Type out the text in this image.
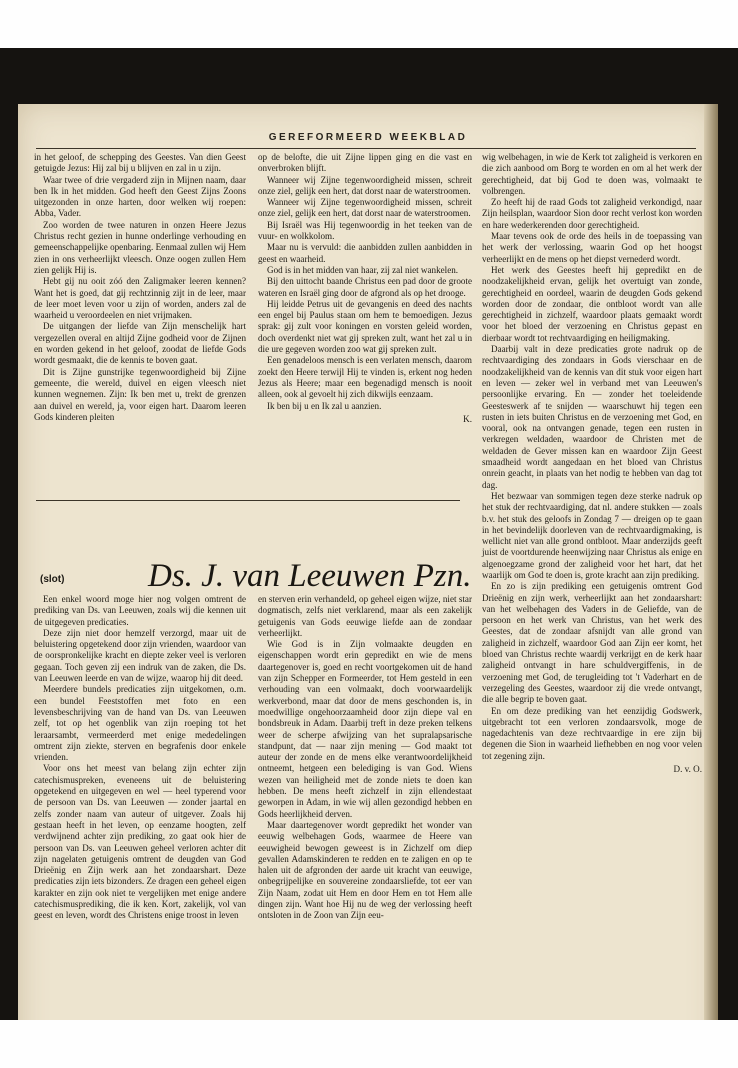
GEREFORMEERD WEEKBLAD

in het geloof, de schepping des Geestes. Van dien Geest getuigde Jezus: Hij zal bij u blijven en zal in u zijn.

Waar twee of drie vergaderd zijn in Mijnen naam, daar ben Ik in het midden. God heeft den Geest Zijns Zoons uitgezonden in onze harten, door welken wij roepen: Abba, Vader.

Zoo worden de twee naturen in onzen Heere Jezus Christus recht gezien in hunne onderlinge verhouding en gemeenschappelijke openbaring. Eenmaal zullen wij Hem zien in ons verheerlijkt vleesch. Onze oogen zullen Hem zien gelijk Hij is.

Hebt gij nu ooit zóó den Zaligmaker leeren kennen? Want het is goed, dat gij rechtzinnig zijt in de leer, maar de leer moet leven voor u zijn of worden, anders zal de waarheid u veroordeelen en niet vrijmaken.

De uitgangen der liefde van Zijn menschelijk hart vergezellen overal en altijd Zijne godheid voor de Zijnen en worden gekend in het geloof, zoodat de liefde Gods wordt gesmaakt, die de kennis te boven gaat.

Dit is Zijne gunstrijke tegenwoordigheid bij Zijne gemeente, die wereld, duivel en eigen vleesch niet kunnen wegnemen. Zijn: Ik ben met u, trekt de grenzen aan duivel en wereld, ja, voor eigen hart. Daarom leeren Gods kinderen pleiten

op de belofte, die uit Zijne lippen ging en die vast en onverbroken blijft.

Wanneer wij Zijne tegenwoordigheid missen, schreit onze ziel, gelijk een hert, dat dorst naar de waterstroomen.

Wanneer wij Zijne tegenwoordigheid missen, schreit onze ziel, gelijk een hert, dat dorst naar de waterstroomen.

Bij Israël was Hij tegenwoordig in het teeken van de vuur- en wolkkolom.

Maar nu is vervuld: die aanbidden zullen aanbidden in geest en waarheid.

God is in het midden van haar, zij zal niet wankelen.

Bij den uittocht baande Christus een pad door de groote wateren en Israël ging door de afgrond als op het drooge.

Hij leidde Petrus uit de gevangenis en deed des nachts een engel bij Paulus staan om hem te bemoedigen. Jezus sprak: gij zult voor koningen en vorsten geleid worden, doch overdenkt niet wat gij spreken zult, want het zal u in die ure gegeven worden zoo wat gij spreken zult.

Een genadeloos mensch is een verlaten mensch, daarom zoekt den Heere terwijl Hij te vinden is, erkent nog heden Jezus als Heere; maar een begenadigd mensch is nooit alleen, ook al gevoelt hij zich dikwijls eenzaam.

Ik ben bij u en Ik zal u aanzien.

K.

wig welbehagen, in wie de Kerk tot zaligheid is verkoren en die zich aanbood om Borg te worden en om al het werk der gerechtigheid, dat bij God te doen was, volmaakt te volbrengen.

Zo heeft hij de raad Gods tot zaligheid verkondigd, naar Zijn heilsplan, waardoor Sion door recht verlost kon worden en hare wederkerenden door gerechtigheid.

Maar tevens ook de orde des heils in de toepassing van het werk der verlossing, waarin God op het hoogst verheerlijkt en de mens op het diepst vernederd wordt.

Het werk des Geestes heeft hij gepredikt en de noodzakelijkheid ervan, gelijk het overtuigt van zonde, gerechtigheid en oordeel, waarin de deugden Gods gekend worden door de zondaar, die ontbloot wordt van alle gerechtigheid in zichzelf, waardoor plaats gemaakt wordt voor het bloed der verzoening en Christus gepast en dierbaar wordt tot rechtvaardiging en heiligmaking.

Daarbij valt in deze predicaties grote nadruk op de rechtvaardiging des zondaars in Gods vierschaar en de noodzakelijkheid van de kennis van dit stuk voor eigen hart en leven — zeker wel in verband met van Leeuwen's persoonlijke ervaring. En — zonder het toeleidende Geesteswerk af te snijden — waarschuwt hij tegen een rusten in iets buiten Christus en de verzoening met God, en vooral, ook na ontvangen genade, tegen een rusten in verkregen weldaden, waardoor de Christen met de weldaden de Gever missen kan en waardoor Zijn Geest smaadheid wordt aangedaan en het bloed van Christus onrein geacht, in plaats van het nodig te hebben van dag tot dag.

Het bezwaar van sommigen tegen deze sterke nadruk op het stuk der rechtvaardiging, dat nl. andere stukken — zoals b.v. het stuk des geloofs in Zondag 7 — dreigen op te gaan in het bevindelijk doorleven van de rechtvaardigmaking, is wellicht niet van alle grond ontbloot. Maar anderzijds geeft juist de voortdurende heenwijzing naar Christus als enige en algenoegzame grond der zaligheid voor het hart, dat het waarlijk om God te doen is, grote kracht aan zijn prediking.

En zo is zijn prediking een getuigenis omtrent God Drieënig en zijn werk, verheerlijkt aan het zondaarshart: van het welbehagen des Vaders in de Geliefde, van de persoon en het werk van Christus, van het werk des Geestes, dat de zondaar afsnijdt van alle grond van zaligheid in zichzelf, waardoor God aan Zijn eer komt, het bloed van Christus rechte waardij verkrijgt en de kerk haar zaligheid ontvangt in hare schuldvergiffenis, in de verzoening met God, de terugleiding tot 't Vaderhart en de verzegeling des Geestes, waardoor zij die vrede ontvangt, die alle begrip te boven gaat.

En om deze prediking van het eenzijdig Godswerk, uitgebracht tot een verloren zondaarsvolk, moge de nagedachtenis van deze rechtvaardige in ere zijn bij degenen die Sion in waarheid liefhebben en nog voor velen tot zegening zijn.

D. v. O.
(slot)	Ds. J. van Leeuwen Pzn.

Een enkel woord moge hier nog volgen omtrent de prediking van Ds. van Leeuwen, zoals wij die kennen uit de uitgegeven predicaties.

Deze zijn niet door hemzelf verzorgd, maar uit de beluistering opgetekend door zijn vrienden, waardoor van de oorspronkelijke kracht en diepte zeker veel is verloren gegaan. Toch geven zij een indruk van de zaken, die Ds. van Leeuwen leerde en van de wijze, waarop hij dit deed.

Meerdere bundels predicaties zijn uitgekomen, o.m. een bundel Feeststoffen met foto en een levensbeschrijving van de hand van Ds. van Leeuwen zelf, tot op het ogenblik van zijn roeping tot het leraarsambt, vermeerderd met enige mededelingen omtrent zijn ziekte, sterven en begrafenis door enkele vrienden.

Voor ons het meest van belang zijn echter zijn catechismuspreken, eveneens uit de beluistering opgetekend en uitgegeven en wel — heel typerend voor de persoon van Ds. van Leeuwen — zonder jaartal en zelfs zonder naam van auteur of uitgever. Zoals hij gestaan heeft in het leven, op eenzame hoogten, zelf verdwijnend achter zijn prediking, zo gaat ook hier de persoon van Ds. van Leeuwen geheel verloren achter dit zijn nagelaten getuigenis omtrent de deugden van God Drieënig en Zijn werk aan het zondaarshart. Deze predicaties zijn iets bizonders. Ze dragen een geheel eigen karakter en zijn ook niet te vergelijken met enige andere catechismusprediking, die ik ken. Kort, zakelijk, vol van geest en leven, wordt des Christens enige troost in leven

en sterven erin verhandeld, op geheel eigen wijze, niet star dogmatisch, zelfs niet verklarend, maar als een zakelijk getuigenis van Gods eeuwige liefde aan de zondaar verheerlijkt.

Wie God is in Zijn volmaakte deugden en eigenschappen wordt erin gepredikt en wie de mens daartegenover is, goed en recht voortgekomen uit de hand van zijn Schepper en Formeerder, tot Hem gesteld in een verhouding van een volmaakt, doch voorwaardelijk werkverbond, maar dat door de mens geschonden is, in moedwillige ongehoorzaamheid door zijn diepe val en bondsbreuk in Adam. Daarbij treft in deze preken telkens weer de scherpe afwijzing van het supralapsarische standpunt, dat — naar zijn mening — God maakt tot auteur der zonde en de mens elke verantwoordelijkheid ontneemt, hetgeen een belediging is van God. Wiens wezen van heiligheid met de zonde niets te doen kan hebben. De mens heeft zichzelf in zijn ellendestaat geworpen in Adam, in wie wij allen gezondigd hebben en Gods heerlijkheid derven.

Maar daartegenover wordt gepredikt het wonder van eeuwig welbehagen Gods, waarmee de Heere van eeuwigheid bewogen geweest is in Zichzelf om diep gevallen Adamskinderen te redden en te zaligen en op te halen uit de afgronden der aarde uit kracht van eeuwige, onbegrijpelijke en souvereine zondaarsliefde, tot eer van Zijn Naam, zodat uit Hem en door Hem en tot Hem alle dingen zijn. Want hoe Hij nu de weg der verlossing heeft ontsloten in de Zoon van Zijn eeu-
